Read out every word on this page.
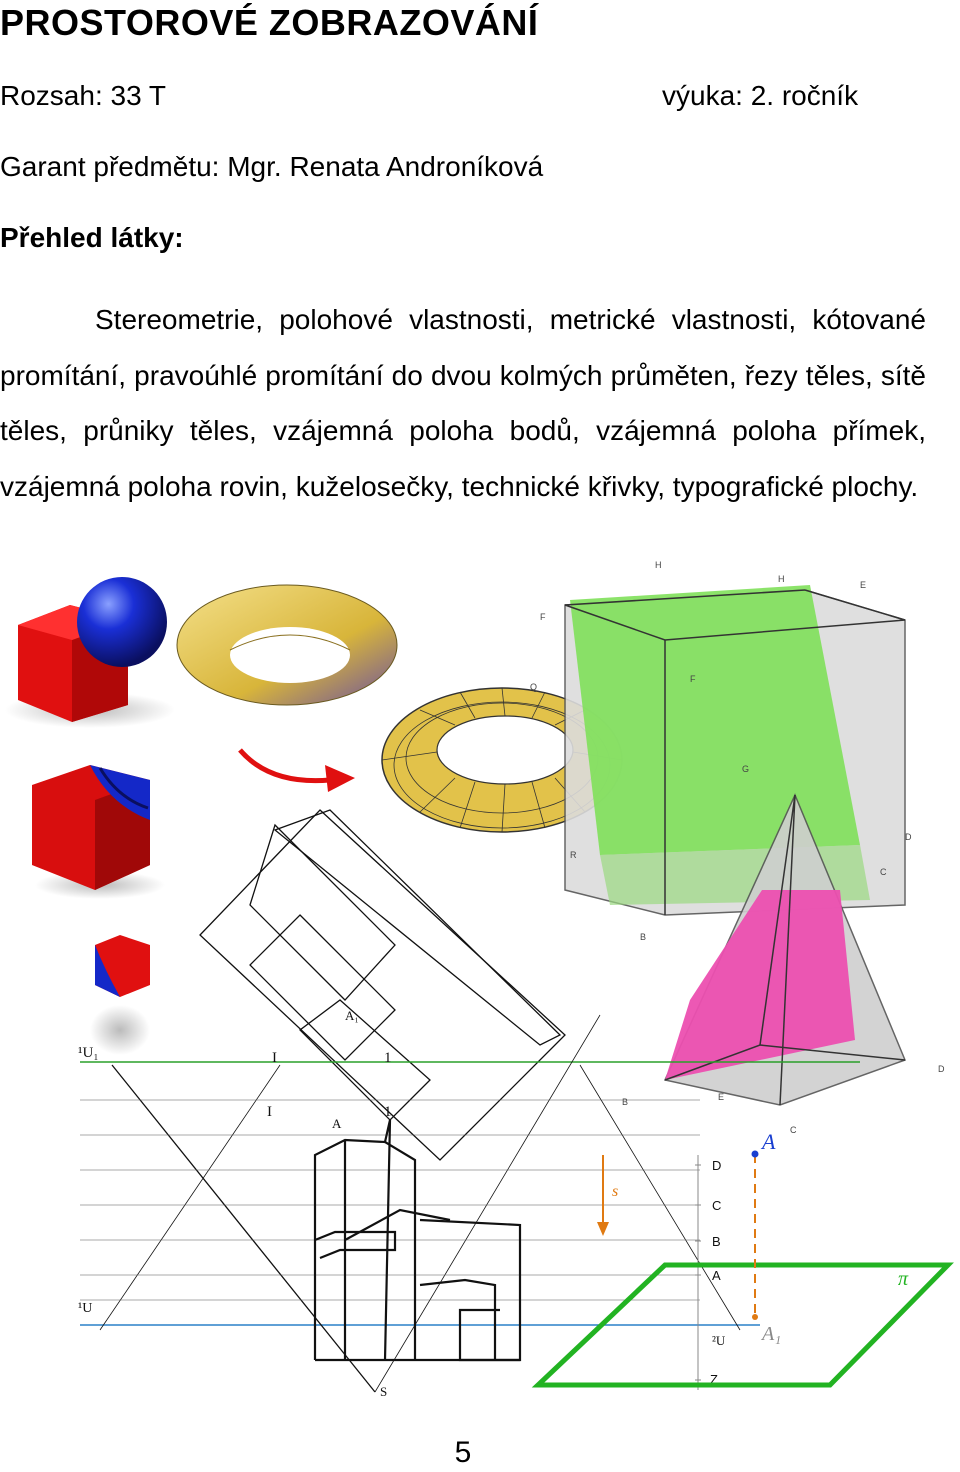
PROSTOROVÉ ZOBRAZOVÁNÍ
Rozsah: 33 T	výuka: 2. ročník
Garant předmětu: Mgr. Renata Androníková
Přehled látky:
Stereometrie, polohové vlastnosti, metrické vlastnosti, kótované promítání, pravoúhlé promítání do dvou kolmých průměten, řezy těles, sítě těles, průniky těles, vzájemná poloha bodů, vzájemná poloha přímek, vzájemná poloha rovin, kuželosečky, technické křivky, typografické plochy.
F
H
H
E
F
G
D
R
B
C
Q
D
E
C
B
¹U₁	I	1
A₁
I
A
1
¹U
²U
S
D
C
B
A
Z
s
A
A₁
π
5
